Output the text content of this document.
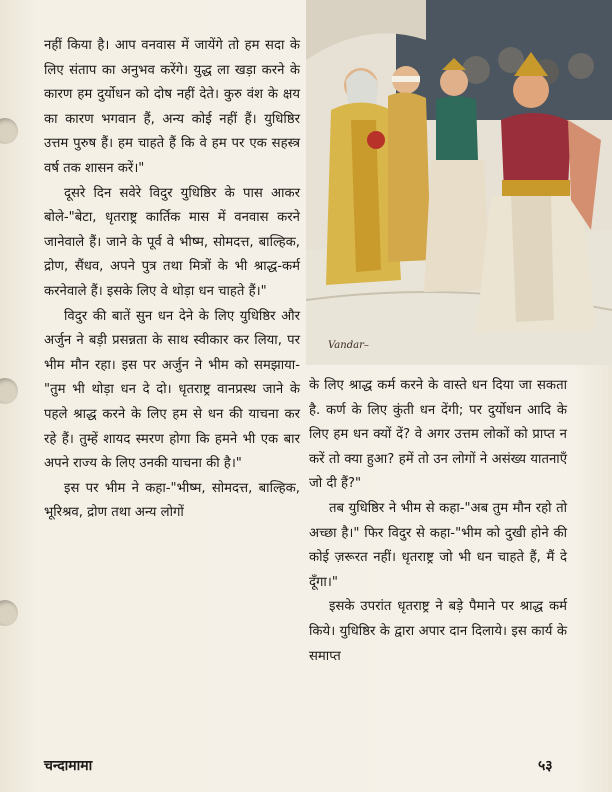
नहीं किया है। आप वनवास में जायेंगे तो हम सदा के लिए संताप का अनुभव करेंगे। युद्ध ला खड़ा करने के कारण हम दुर्योधन को दोष नहीं देते। कुरु वंश के क्षय का कारण भगवान हैं, अन्य कोई नहीं हैं। युधिष्ठिर उत्तम पुरुष हैं। हम चाहते हैं कि वे हम पर एक सहस्त्र वर्ष तक शासन करें।"

दूसरे दिन सवेरे विदुर युधिष्ठिर के पास आकर बोले-"बेटा, धृतराष्ट्र कार्तिक मास में वनवास करने जानेवाले हैं। जाने के पूर्व वे भीष्म, सोमदत्त, बाल्हिक, द्रोण, सैंधव, अपने पुत्र तथा मित्रों के भी श्राद्ध-कर्म करनेवाले हैं। इसके लिए वे थोड़ा धन चाहते हैं।"

विदुर की बातें सुन धन देने के लिए युधिष्ठिर और अर्जुन ने बड़ी प्रसन्नता के साथ स्वीकार कर लिया, पर भीम मौन रहा। इस पर अर्जुन ने भीम को समझाया-"तुम भी थोड़ा धन दे दो। धृतराष्ट्र वानप्रस्थ जाने के पहले श्राद्ध करने के लिए हम से धन की याचना कर रहे हैं। तुम्हें शायद स्मरण होगा कि हमने भी एक बार अपने राज्य के लिए उनकी याचना की है।"

इस पर भीम ने कहा-"भीष्म, सोमदत्त, बाल्हिक, भूरिश्रव, द्रोण तथा अन्य लोगों

Vandar–

के लिए श्राद्ध कर्म करने के वास्ते धन दिया जा सकता है. कर्ण के लिए कुंती धन देंगी; पर दुर्योधन आदि के लिए हम धन क्यों दें? वे अगर उत्तम लोकों को प्राप्त न करें तो क्या हुआ? हमें तो उन लोगों ने असंख्य यातनाएँ जो दी हैं?"

तब युधिष्ठिर ने भीम से कहा-"अब तुम मौन रहो तो अच्छा है।" फिर विदुर से कहा-"भीम को दुखी होने की कोई ज़रूरत नहीं। धृतराष्ट्र जो भी धन चाहते हैं, मैं दे दूँगा।"

इसके उपरांत धृतराष्ट्र ने बड़े पैमाने पर श्राद्ध कर्म किये। युधिष्ठिर के द्वारा अपार दान दिलाये। इस कार्य के समाप्त

चन्दामामा	५३
